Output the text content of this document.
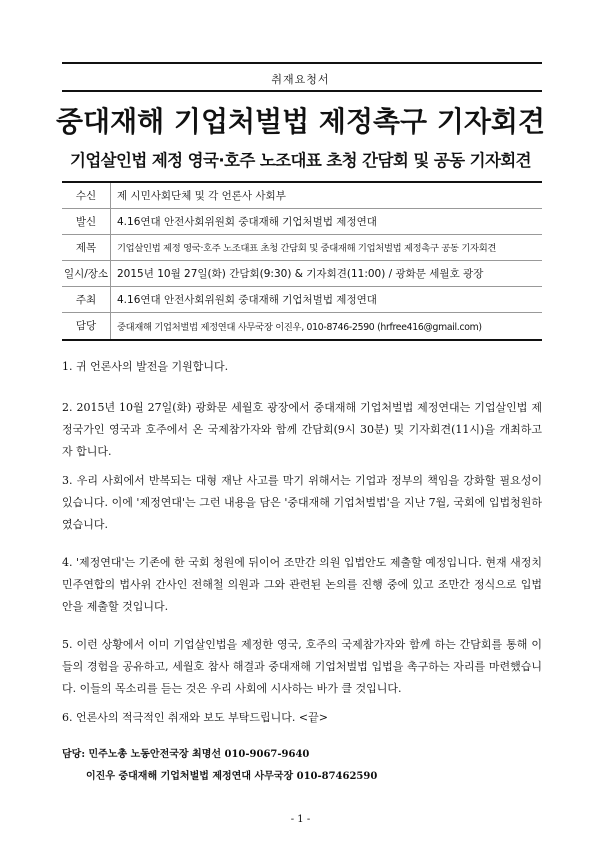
취재요청서
중대재해 기업처벌법 제정촉구 기자회견
기업살인법 제정 영국·호주 노조대표 초청 간담회 및 공동 기자회견
수신	제 시민사회단체 및 각 언론사 사회부
발신	4.16연대 안전사회위원회 중대재해 기업처벌법 제정연대
제목	기업살인법 제정 영국·호주 노조대표 초청 간담회 및 중대재해 기업처벌법 제정촉구 공동 기자회견
일시/장소	2015년 10월 27일(화) 간담회(9:30) & 기자회견(11:00) / 광화문 세월호 광장
주최	4.16연대 안전사회위원회 중대재해 기업처벌법 제정연대
담당	중대재해 기업처벌법 제정연대 사무국장 이진우, 010-8746-2590 (hrfree416@gmail.com)
1. 귀 언론사의 발전을 기원합니다.
2. 2015년 10월 27일(화) 광화문 세월호 광장에서 중대재해 기업처벌법 제정연대는 기업살인법 제정국가인 영국과 호주에서 온 국제참가자와 함께 간담회(9시 30분) 및 기자회견(11시)을 개최하고자 합니다.
3. 우리 사회에서 반복되는 대형 재난 사고를 막기 위해서는 기업과 정부의 책임을 강화할 필요성이 있습니다. 이에 '제정연대'는 그런 내용을 담은 '중대재해 기업처벌법'을 지난 7월, 국회에 입법청원하였습니다.
4. '제정연대'는 기존에 한 국회 청원에 뒤이어 조만간 의원 입법안도 제출할 예정입니다. 현재 새정치민주연합의 법사위 간사인 전해철 의원과 그와 관련된 논의를 진행 중에 있고 조만간 정식으로 입법안을 제출할 것입니다.
5. 이런 상황에서 이미 기업살인법을 제정한 영국, 호주의 국제참가자와 함께 하는 간담회를 통해 이들의 경험을 공유하고, 세월호 참사 해결과 중대재해 기업처벌법 입법을 촉구하는 자리를 마련했습니다. 이들의 목소리를 듣는 것은 우리 사회에 시사하는 바가 클 것입니다.
6. 언론사의 적극적인 취재와 보도 부탁드립니다. <끝>
담당: 민주노총 노동안전국장 최명선 010-9067-9640
이진우 중대재해 기업처벌법 제정연대 사무국장 010-87462590
- 1 -
